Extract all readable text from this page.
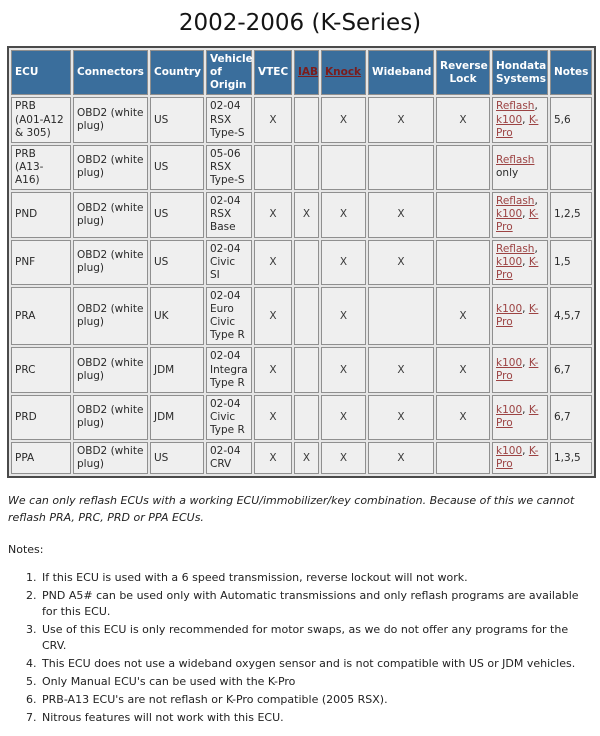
2002-2006 (K-Series)
ECU	Connectors	Country	Vehicle of Origin	VTEC	IAB	Knock	Wideband	Reverse Lock	Hondata Systems	Notes
PRB (A01-A12 & 305)	OBD2 (white plug)	US	02-04 RSX Type-S	X		X	X	X	Reflash, k100, K-Pro	5,6
PRB (A13-A16)	OBD2 (white plug)	US	05-06 RSX Type-S						Reflash only	
PND	OBD2 (white plug)	US	02-04 RSX Base	X	X	X	X		Reflash, k100, K-Pro	1,2,5
PNF	OBD2 (white plug)	US	02-04 Civic SI	X		X	X		Reflash, k100, K-Pro	1,5
PRA	OBD2 (white plug)	UK	02-04 Euro Civic Type R	X		X		X	k100, K-Pro	4,5,7
PRC	OBD2 (white plug)	JDM	02-04 Integra Type R	X		X	X	X	k100, K-Pro	6,7
PRD	OBD2 (white plug)	JDM	02-04 Civic Type R	X		X	X	X	k100, K-Pro	6,7
PPA	OBD2 (white plug)	US	02-04 CRV	X	X	X	X		k100, K-Pro	1,3,5

We can only reflash ECUs with a working ECU/immobilizer/key combination. Because of this we cannot reflash PRA, PRC, PRD or PPA ECUs.

Notes:

1. If this ECU is used with a 6 speed transmission, reverse lockout will not work.
2. PND A5# can be used only with Automatic transmissions and only reflash programs are available for this ECU.
3. Use of this ECU is only recommended for motor swaps, as we do not offer any programs for the CRV.
4. This ECU does not use a wideband oxygen sensor and is not compatible with US or JDM vehicles.
5. Only Manual ECU's can be used with the K-Pro
6. PRB-A13 ECU's are not reflash or K-Pro compatible (2005 RSX).
7. Nitrous features will not work with this ECU.
